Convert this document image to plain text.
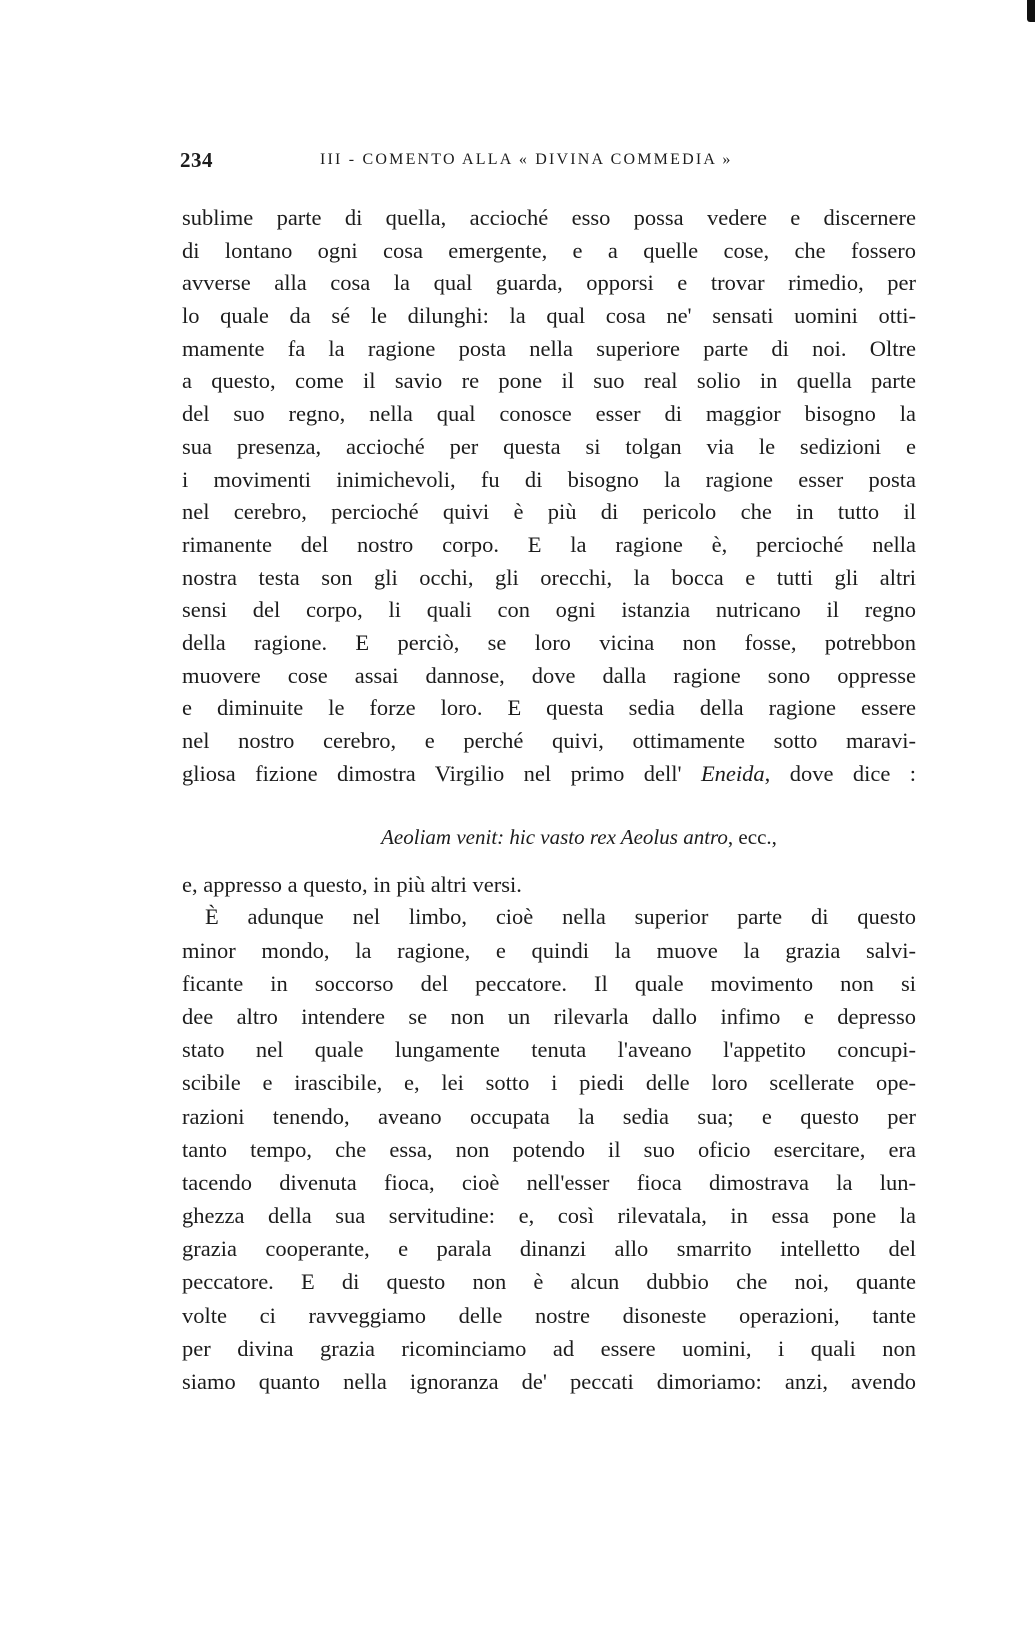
234	III - COMENTO ALLA « DIVINA COMMEDIA »
sublime parte di quella, accioché esso possa vedere e discernere
di lontano ogni cosa emergente, e a quelle cose, che fossero
avverse alla cosa la qual guarda, opporsi e trovar rimedio, per
lo quale da sé le dilunghi: la qual cosa ne' sensati uomini otti-
mamente fa la ragione posta nella superiore parte di noi. Oltre
a questo, come il savio re pone il suo real solio in quella parte
del suo regno, nella qual conosce esser di maggior bisogno la
sua presenza, accioché per questa si tolgan via le sedizioni e
i movimenti inimichevoli, fu di bisogno la ragione esser posta
nel cerebro, percioché quivi è più di pericolo che in tutto il
rimanente del nostro corpo. E la ragione è, percioché nella
nostra testa son gli occhi, gli orecchi, la bocca e tutti gli altri
sensi del corpo, li quali con ogni istanzia nutricano il regno
della ragione. E perciò, se loro vicina non fosse, potrebbon
muovere cose assai dannose, dove dalla ragione sono oppresse
e diminuite le forze loro. E questa sedia della ragione essere
nel nostro cerebro, e perché quivi, ottimamente sotto maravi-
gliosa fizione dimostra Virgilio nel primo dell' Eneida, dove dice :
Aeoliam venit: hic vasto rex Aeolus antro, ecc.,
e, appresso a questo, in più altri versi.
È adunque nel limbo, cioè nella superior parte di questo
minor mondo, la ragione, e quindi la muove la grazia salvi-
ficante in soccorso del peccatore. Il quale movimento non si
dee altro intendere se non un rilevarla dallo infimo e depresso
stato nel quale lungamente tenuta l'aveano l'appetito concupi-
scibile e irascibile, e, lei sotto i piedi delle loro scellerate ope-
razioni tenendo, aveano occupata la sedia sua; e questo per
tanto tempo, che essa, non potendo il suo oficio esercitare, era
tacendo divenuta fioca, cioè nell'esser fioca dimostrava la lun-
ghezza della sua servitudine: e, così rilevatala, in essa pone la
grazia cooperante, e parala dinanzi allo smarrito intelletto del
peccatore. E di questo non è alcun dubbio che noi, quante
volte ci ravveggiamo delle nostre disoneste operazioni, tante
per divina grazia ricominciamo ad essere uomini, i quali non
siamo quanto nella ignoranza de' peccati dimoriamo: anzi, avendo
